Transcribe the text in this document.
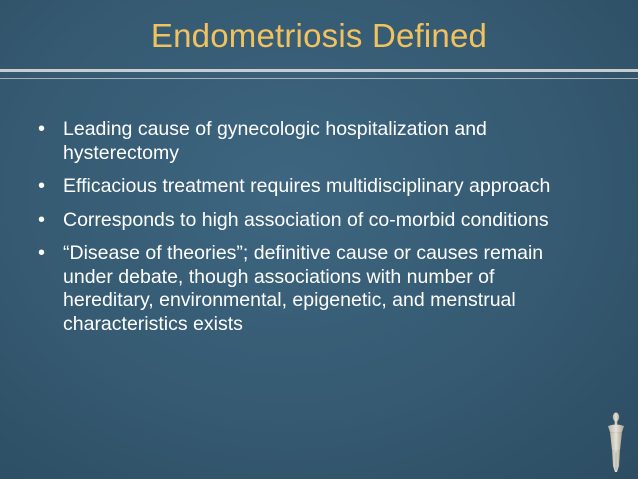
Endometriosis Defined
• Leading cause of gynecologic hospitalization and hysterectomy
• Efficacious treatment requires multidisciplinary approach
• Corresponds to high association of co-morbid conditions
• “Disease of theories”; definitive cause or causes remain under debate, though associations with number of hereditary, environmental, epigenetic, and menstrual characteristics exists
